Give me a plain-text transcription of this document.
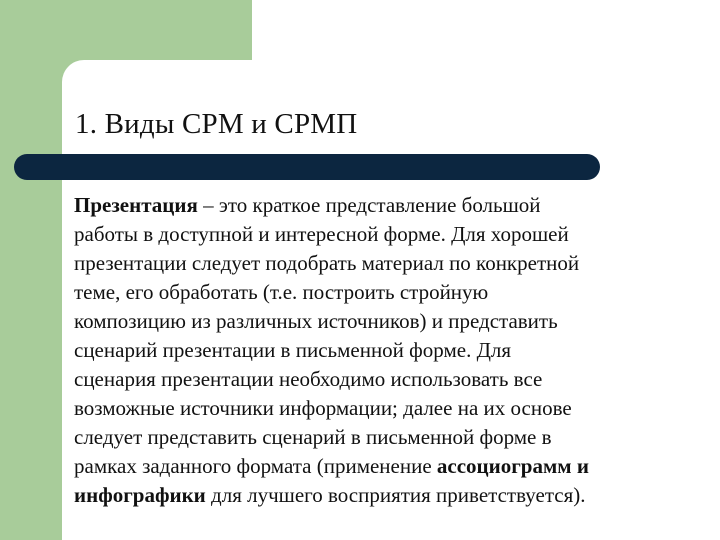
1. Виды СРМ и СРМП

Презентация – это краткое представление большой
работы в доступной и интересной форме. Для хорошей
презентации следует подобрать материал по конкретной
теме, его обработать (т.е. построить стройную
композицию из различных источников) и представить
сценарий презентации в письменной форме. Для
сценария презентации необходимо использовать все
возможные источники информации; далее на их основе
следует представить сценарий в письменной форме в
рамках заданного формата (применение ассоциограмм и
инфографики для лучшего восприятия приветствуется).
